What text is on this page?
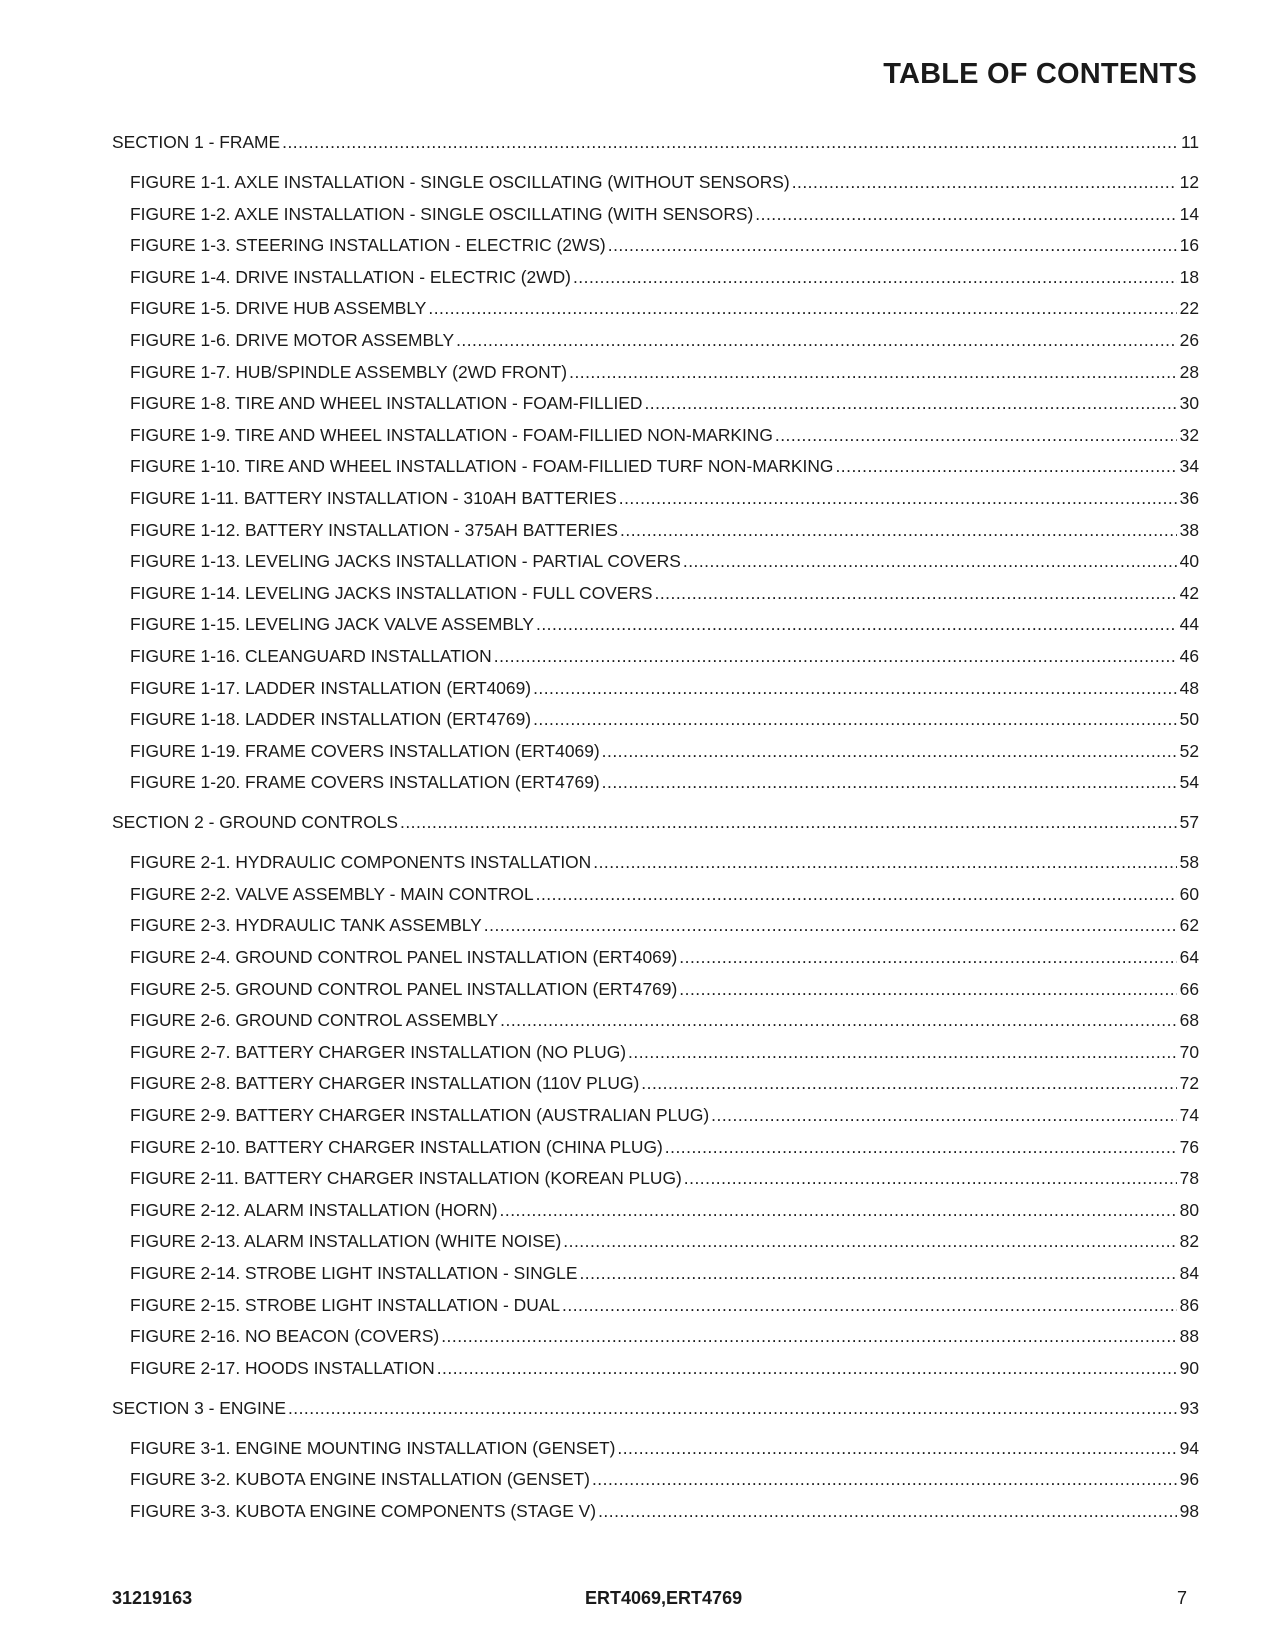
TABLE OF CONTENTS
SECTION 1 - FRAME .....	11
FIGURE 1-1. AXLE INSTALLATION - SINGLE OSCILLATING (WITHOUT SENSORS) .....	12
FIGURE 1-2. AXLE INSTALLATION - SINGLE OSCILLATING (WITH SENSORS) .....	14
FIGURE 1-3. STEERING INSTALLATION - ELECTRIC (2WS) .....	16
FIGURE 1-4. DRIVE INSTALLATION - ELECTRIC (2WD) .....	18
FIGURE 1-5. DRIVE HUB ASSEMBLY .....	22
FIGURE 1-6. DRIVE MOTOR ASSEMBLY .....	26
FIGURE 1-7. HUB/SPINDLE ASSEMBLY (2WD FRONT) .....	28
FIGURE 1-8. TIRE AND WHEEL INSTALLATION - FOAM-FILLIED .....	30
FIGURE 1-9. TIRE AND WHEEL INSTALLATION - FOAM-FILLIED NON-MARKING .....	32
FIGURE 1-10. TIRE AND WHEEL INSTALLATION - FOAM-FILLIED TURF NON-MARKING .....	34
FIGURE 1-11. BATTERY INSTALLATION - 310AH BATTERIES .....	36
FIGURE 1-12. BATTERY INSTALLATION - 375AH BATTERIES .....	38
FIGURE 1-13. LEVELING JACKS INSTALLATION - PARTIAL COVERS .....	40
FIGURE 1-14. LEVELING JACKS INSTALLATION - FULL COVERS .....	42
FIGURE 1-15. LEVELING JACK VALVE ASSEMBLY .....	44
FIGURE 1-16. CLEANGUARD INSTALLATION .....	46
FIGURE 1-17. LADDER INSTALLATION (ERT4069) .....	48
FIGURE 1-18. LADDER INSTALLATION (ERT4769) .....	50
FIGURE 1-19. FRAME COVERS INSTALLATION (ERT4069) .....	52
FIGURE 1-20. FRAME COVERS INSTALLATION (ERT4769) .....	54
SECTION 2 - GROUND CONTROLS .....	57
FIGURE 2-1. HYDRAULIC COMPONENTS INSTALLATION .....	58
FIGURE 2-2. VALVE ASSEMBLY - MAIN CONTROL .....	60
FIGURE 2-3. HYDRAULIC TANK ASSEMBLY .....	62
FIGURE 2-4. GROUND CONTROL PANEL INSTALLATION (ERT4069) .....	64
FIGURE 2-5. GROUND CONTROL PANEL INSTALLATION (ERT4769) .....	66
FIGURE 2-6. GROUND CONTROL ASSEMBLY .....	68
FIGURE 2-7. BATTERY CHARGER INSTALLATION (NO PLUG) .....	70
FIGURE 2-8. BATTERY CHARGER INSTALLATION (110V PLUG) .....	72
FIGURE 2-9. BATTERY CHARGER INSTALLATION (AUSTRALIAN PLUG) .....	74
FIGURE 2-10. BATTERY CHARGER INSTALLATION (CHINA PLUG) .....	76
FIGURE 2-11. BATTERY CHARGER INSTALLATION (KOREAN PLUG) .....	78
FIGURE 2-12. ALARM INSTALLATION (HORN) .....	80
FIGURE 2-13. ALARM INSTALLATION (WHITE NOISE) .....	82
FIGURE 2-14. STROBE LIGHT INSTALLATION - SINGLE .....	84
FIGURE 2-15. STROBE LIGHT INSTALLATION - DUAL .....	86
FIGURE 2-16. NO BEACON (COVERS) .....	88
FIGURE 2-17. HOODS INSTALLATION .....	90
SECTION 3 - ENGINE .....	93
FIGURE 3-1. ENGINE MOUNTING INSTALLATION (GENSET) .....	94
FIGURE 3-2. KUBOTA ENGINE INSTALLATION (GENSET) .....	96
FIGURE 3-3. KUBOTA ENGINE COMPONENTS (STAGE V) .....	98
31219163	ERT4069,ERT4769	7
